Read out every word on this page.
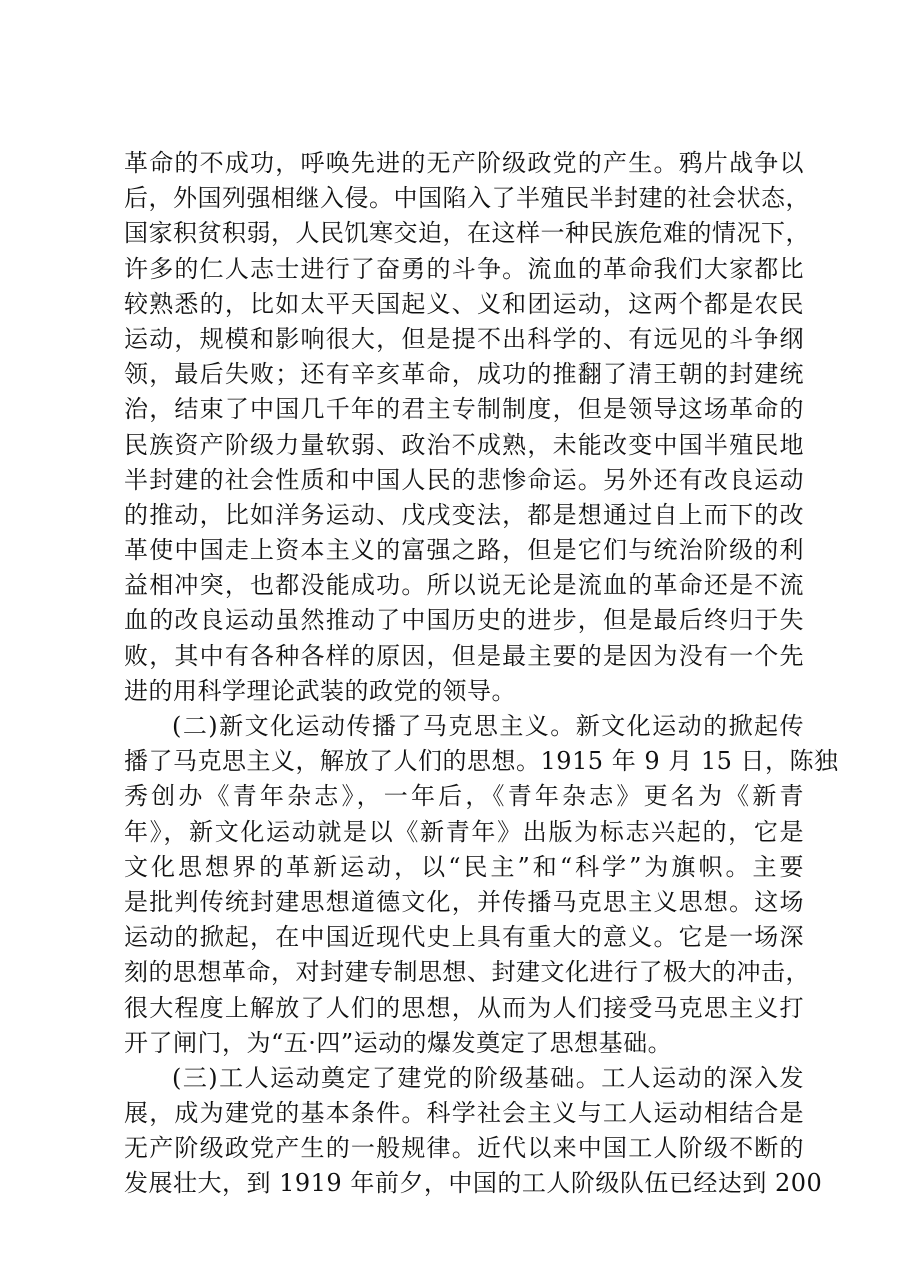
革命的不成功，呼唤先进的无产阶级政党的产生。鸦片战争以
后，外国列强相继入侵。中国陷入了半殖民半封建的社会状态，
国家积贫积弱，人民饥寒交迫，在这样一种民族危难的情况下，
许多的仁人志士进行了奋勇的斗争。流血的革命我们大家都比
较熟悉的，比如太平天国起义、义和团运动，这两个都是农民
运动，规模和影响很大，但是提不出科学的、有远见的斗争纲
领，最后失败；还有辛亥革命，成功的推翻了清王朝的封建统
治，结束了中国几千年的君主专制制度，但是领导这场革命的
民族资产阶级力量软弱、政治不成熟，未能改变中国半殖民地
半封建的社会性质和中国人民的悲惨命运。另外还有改良运动
的推动，比如洋务运动、戊戌变法，都是想通过自上而下的改
革使中国走上资本主义的富强之路，但是它们与统治阶级的利
益相冲突，也都没能成功。所以说无论是流血的革命还是不流
血的改良运动虽然推动了中国历史的进步，但是最后终归于失
败，其中有各种各样的原因，但是最主要的是因为没有一个先
进的用科学理论武装的政党的领导。
(二)新文化运动传播了马克思主义。新文化运动的掀起传
播了马克思主义，解放了人们的思想。1915 年 9 月 15 日，陈独
秀创办《青年杂志》，一年后，《青年杂志》更名为《新青
年》，新文化运动就是以《新青年》出版为标志兴起的，它是
文化思想界的革新运动，以“民主”和“科学”为旗帜。主要
是批判传统封建思想道德文化，并传播马克思主义思想。这场
运动的掀起，在中国近现代史上具有重大的意义。它是一场深
刻的思想革命，对封建专制思想、封建文化进行了极大的冲击，
很大程度上解放了人们的思想，从而为人们接受马克思主义打
开了闸门，为“五·四”运动的爆发奠定了思想基础。
(三)工人运动奠定了建党的阶级基础。工人运动的深入发
展，成为建党的基本条件。科学社会主义与工人运动相结合是
无产阶级政党产生的一般规律。近代以来中国工人阶级不断的
发展壮大，到 1919 年前夕，中国的工人阶级队伍已经达到 200
